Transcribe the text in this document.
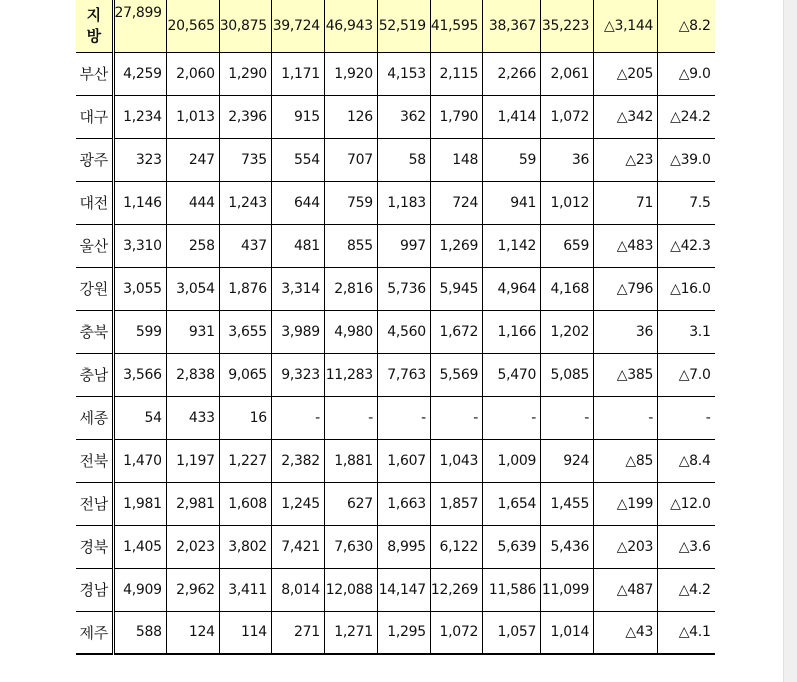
지
방	27,899	20,565	30,875	39,724	46,943	52,519	41,595	38,367	35,223	△3,144	△8.2
부산	4,259	2,060	1,290	1,171	1,920	4,153	2,115	2,266	2,061	△205	△9.0
대구	1,234	1,013	2,396	915	126	362	1,790	1,414	1,072	△342	△24.2
광주	323	247	735	554	707	58	148	59	36	△23	△39.0
대전	1,146	444	1,243	644	759	1,183	724	941	1,012	71	7.5
울산	3,310	258	437	481	855	997	1,269	1,142	659	△483	△42.3
강원	3,055	3,054	1,876	3,314	2,816	5,736	5,945	4,964	4,168	△796	△16.0
충북	599	931	3,655	3,989	4,980	4,560	1,672	1,166	1,202	36	3.1
충남	3,566	2,838	9,065	9,323	11,283	7,763	5,569	5,470	5,085	△385	△7.0
세종	54	433	16	-	-	-	-	-	-	-	-
전북	1,470	1,197	1,227	2,382	1,881	1,607	1,043	1,009	924	△85	△8.4
전남	1,981	2,981	1,608	1,245	627	1,663	1,857	1,654	1,455	△199	△12.0
경북	1,405	2,023	3,802	7,421	7,630	8,995	6,122	5,639	5,436	△203	△3.6
경남	4,909	2,962	3,411	8,014	12,088	14,147	12,269	11,586	11,099	△487	△4.2
제주	588	124	114	271	1,271	1,295	1,072	1,057	1,014	△43	△4.1
